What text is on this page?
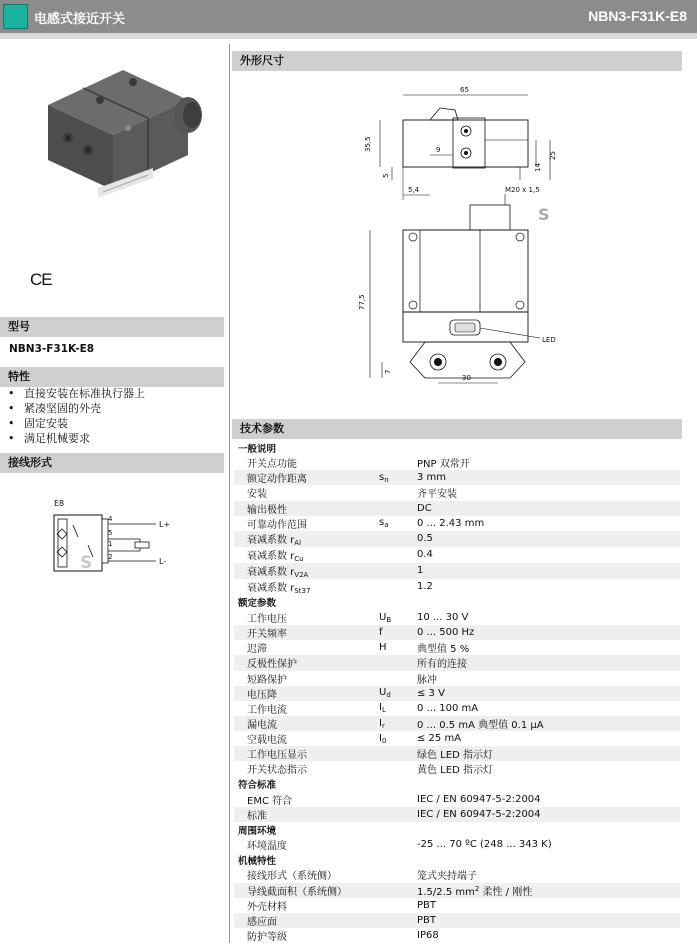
电感式接近开关	NBN3-F31K-E8
CE
型号
NBN3-F31K-E8
特性
• 直接安装在标准执行器上
• 紧凑坚固的外壳
• 固定安装
• 满足机械要求
接线形式
E8
S
4
5
1
2
L+
L-
外形尺寸
65
35,5	9
5
5,4
14
25
M20 x 1,5
S
LED
77,5
7
30
技术参数
一般说明		
开关点功能		PNP 双常开
额定动作距离	$s_n$	3 mm
安装		齐平安装
输出极性		DC
可靠动作范围	$s_a$	0 ... 2.43 mm
衰减系数 $r_{Al}$		0.5
衰减系数 $r_{Cu}$		0.4
衰减系数 $r_{V2A}$		1
衰减系数 $r_{St37}$		1.2
额定参数		
工作电压	$U_B$	10 ... 30 V
开关频率	f	0 ... 500 Hz
迟滞	H	典型值 5 %
反极性保护		所有的连接
短路保护		脉冲
电压降	$U_d$	≤ 3 V
工作电流	$I_L$	0 ... 100 mA
漏电流	$I_r$	0 ... 0.5 mA 典型值 0.1 µA
空载电流	$I_0$	≤ 25 mA
工作电压显示		绿色 LED 指示灯
开关状态指示		黄色 LED 指示灯
符合标准		
EMC 符合		IEC / EN 60947-5-2:2004
标准		IEC / EN 60947-5-2:2004
周围环境		
环境温度		-25 ... 70 ºC (248 ... 343 K)
机械特性		
接线形式（系统侧）		笼式夹持端子
导线截面积（系统侧）		1.5/2.5 $mm^2$ 柔性 / 刚性
外壳材料		PBT
感应面		PBT
防护等级		IP68
